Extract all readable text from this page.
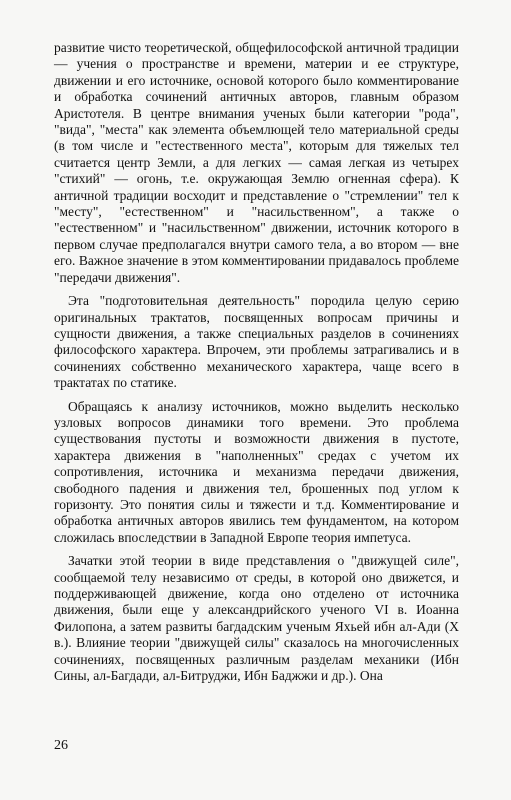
развитие чисто теоретической, общефилософской античной традиции — учения о пространстве и времени, материи и ее структуре, движении и его источнике, основой которого было комментирование и обработка сочинений античных авторов, главным образом Аристотеля. В центре внимания ученых были категории "рода", "вида", "места" как элемента объемлющей тело материальной среды (в том числе и "естественного места", которым для тяжелых тел считается центр Земли, а для легких — самая легкая из четырех "стихий" — огонь, т.е. окружающая Землю огненная сфера). К античной традиции восходит и представление о "стремлении" тел к "месту", "естественном" и "насильственном", а также о "естественном" и "насильственном" движении, источник которого в первом случае предполагался внутри самого тела, а во втором — вне его. Важное значение в этом комментировании придавалось проблеме "передачи движения".

Эта "подготовительная деятельность" породила целую серию оригинальных трактатов, посвященных вопросам причины и сущности движения, а также специальных разделов в сочинениях философского характера. Впрочем, эти проблемы затрагивались и в сочинениях собственно механического характера, чаще всего в трактатах по статике.

Обращаясь к анализу источников, можно выделить несколько узловых вопросов динамики того времени. Это проблема существования пустоты и возможности движения в пустоте, характера движения в "наполненных" средах с учетом их сопротивления, источника и механизма передачи движения, свободного падения и движения тел, брошенных под углом к горизонту. Это понятия силы и тяжести и т.д. Комментирование и обработка античных авторов явились тем фундаментом, на котором сложилась впоследствии в Западной Европе теория импетуса.

Зачатки этой теории в виде представления о "движущей силе", сообщаемой телу независимо от среды, в которой оно движется, и поддерживающей движение, когда оно отделено от источника движения, были еще у александрийского ученого VI в. Иоанна Филопона, а затем развиты багдадским ученым Яхьей ибн ал-Ади (X в.). Влияние теории "движущей силы" сказалось на многочисленных сочинениях, посвященных различным разделам механики (Ибн Сины, ал-Багдади, ал-Битруджи, Ибн Баджжи и др.). Она

26
